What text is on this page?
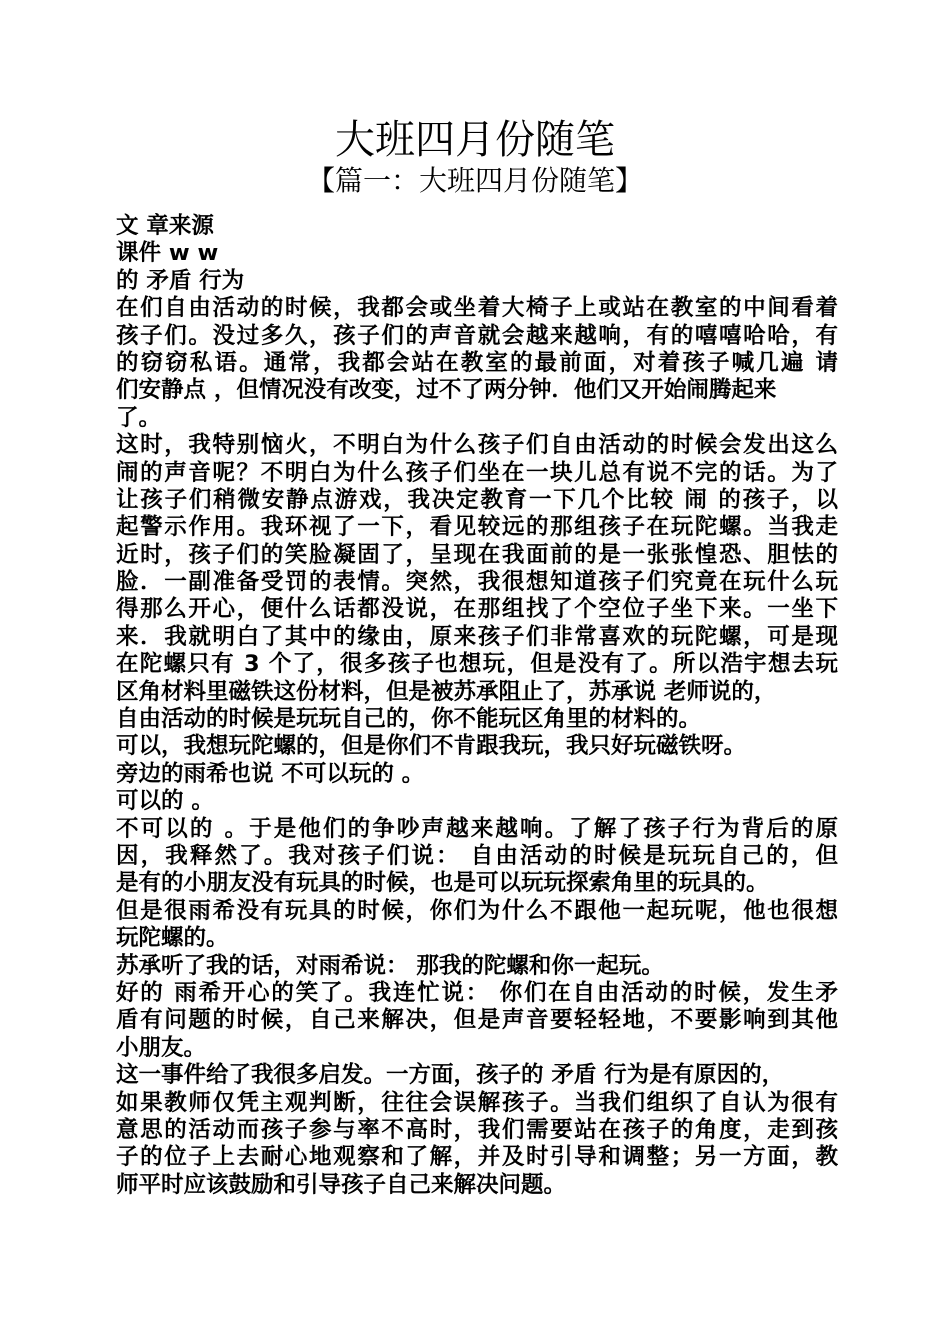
大班四月份随笔
【篇一：大班四月份随笔】
文 章来源
课件 w w
的 矛盾 行为
在们自由活动的时候，我都会或坐着大椅子上或站在教室的中间看着
孩子们。没过多久，孩子们的声音就会越来越响，有的嘻嘻哈哈，有
的窃窃私语。通常，我都会站在教室的最前面，对着孩子喊几遍 请
们安静点 ，但情况没有改变，过不了两分钟．他们又开始闹腾起来
了。
这时，我特别恼火，不明白为什么孩子们自由活动的时候会发出这么
闹的声音呢？不明白为什么孩子们坐在一块儿总有说不完的话。为了
让孩子们稍微安静点游戏，我决定教育一下几个比较 闹 的孩子，以
起警示作用。我环视了一下，看见较远的那组孩子在玩陀螺。当我走
近时，孩子们的笑脸凝固了，呈现在我面前的是一张张惶恐、胆怯的
脸．一副准备受罚的表情。突然，我很想知道孩子们究竟在玩什么玩
得那么开心，便什么话都没说，在那组找了个空位子坐下来。一坐下
来．我就明白了其中的缘由，原来孩子们非常喜欢的玩陀螺，可是现
在陀螺只有 3 个了，很多孩子也想玩，但是没有了。所以浩宇想去玩
区角材料里磁铁这份材料，但是被苏承阻止了，苏承说 老师说的，
自由活动的时候是玩玩自己的，你不能玩区角里的材料的。
可以，我想玩陀螺的，但是你们不肯跟我玩，我只好玩磁铁呀。
旁边的雨希也说 不可以玩的 。
可以的 。
不可以的 。于是他们的争吵声越来越响。了解了孩子行为背后的原
因，我释然了。我对孩子们说： 自由活动的时候是玩玩自己的，但
是有的小朋友没有玩具的时候，也是可以玩玩探索角里的玩具的。
但是很雨希没有玩具的时候，你们为什么不跟他一起玩呢，他也很想
玩陀螺的。
苏承听了我的话，对雨希说： 那我的陀螺和你一起玩。
好的 雨希开心的笑了。我连忙说： 你们在自由活动的时候，发生矛
盾有问题的时候，自己来解决，但是声音要轻轻地，不要影响到其他
小朋友。
这一事件给了我很多启发。一方面，孩子的 矛盾 行为是有原因的，
如果教师仅凭主观判断，往往会误解孩子。当我们组织了自认为很有
意思的活动而孩子参与率不高时，我们需要站在孩子的角度，走到孩
子的位子上去耐心地观察和了解，并及时引导和调整；另一方面，教
师平时应该鼓励和引导孩子自己来解决问题。
